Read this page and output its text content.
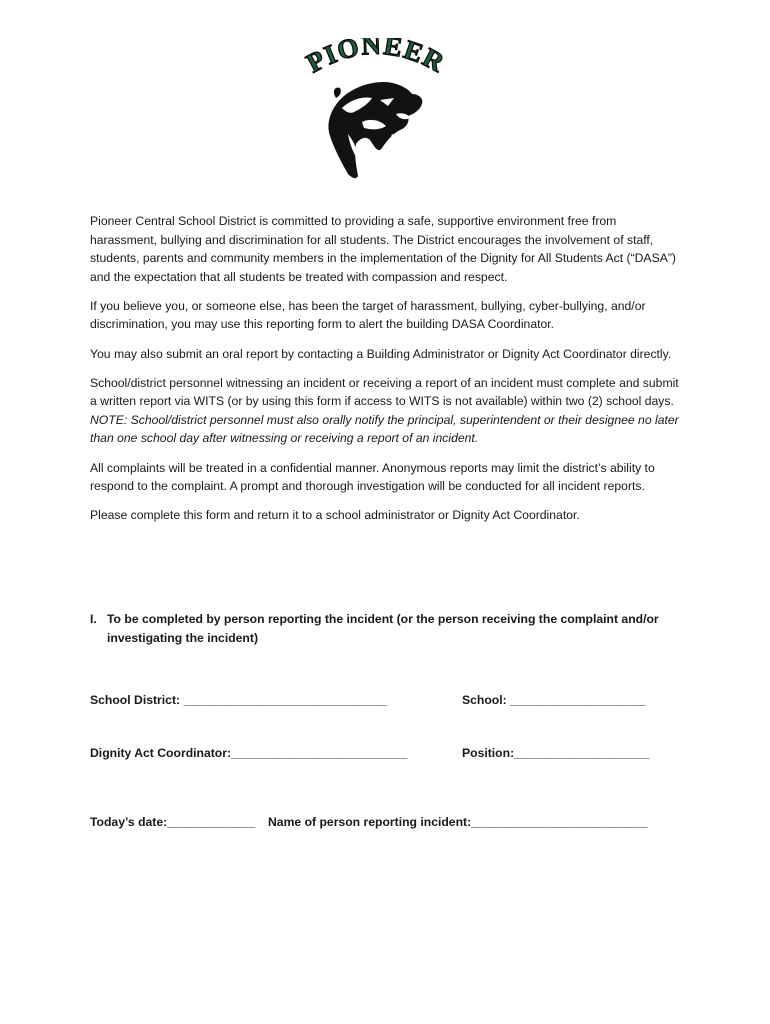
PIONEER

Pioneer Central School District is committed to providing a safe, supportive environment free from harassment, bullying and discrimination for all students. The District encourages the involvement of staff, students, parents and community members in the implementation of the Dignity for All Students Act (“DASA”) and the expectation that all students be treated with compassion and respect.

If you believe you, or someone else, has been the target of harassment, bullying, cyber-bullying, and/or discrimination, you may use this reporting form to alert the building DASA Coordinator.

You may also submit an oral report by contacting a Building Administrator or Dignity Act Coordinator directly.

School/district personnel witnessing an incident or receiving a report of an incident must complete and submit a written report via WITS (or by using this form if access to WITS is not available) within two (2) school days. NOTE: School/district personnel must also orally notify the principal, superintendent or their designee no later than one school day after witnessing or receiving a report of an incident.

All complaints will be treated in a confidential manner. Anonymous reports may limit the district’s ability to respond to the complaint. A prompt and thorough investigation will be conducted for all incident reports.

Please complete this form and return it to a school administrator or Dignity Act Coordinator.

I. To be completed by person reporting the incident (or the person receiving the complaint and/or investigating the incident)
School District: ______________________________	School: ____________________
Dignity Act Coordinator:__________________________	Position:____________________
Today’s date:_____________ Name of person reporting incident:__________________________
